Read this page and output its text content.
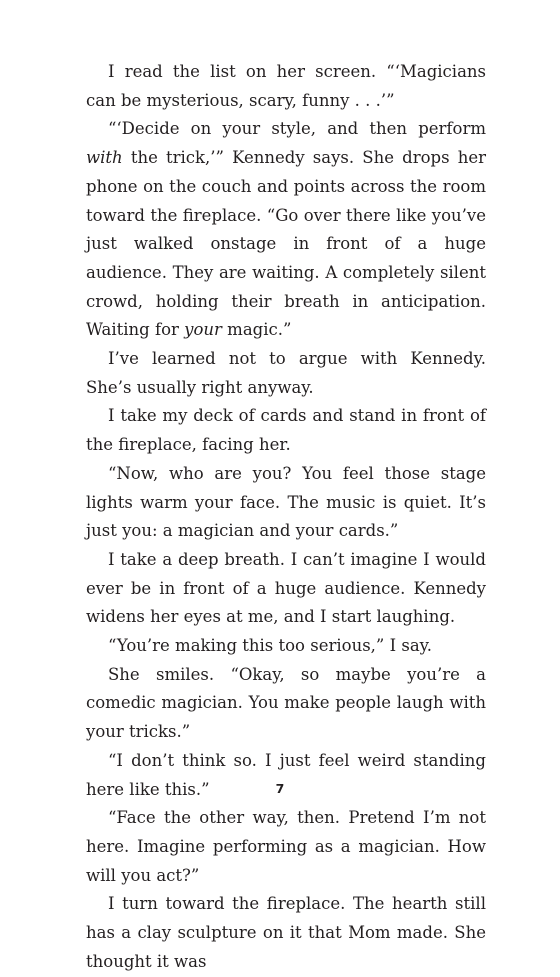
I read the list on her screen. “‘Magicians can be mysterious, scary, funny . . .’”

“‘Decide on your style, and then perform with the trick,’” Kennedy says. She drops her phone on the couch and points across the room toward the fireplace. “Go over there like you’ve just walked onstage in front of a huge audience. They are waiting. A completely silent crowd, holding their breath in anticipation. Waiting for your magic.”

I’ve learned not to argue with Kennedy. She’s usually right anyway.

I take my deck of cards and stand in front of the fireplace, facing her.

“Now, who are you? You feel those stage lights warm your face. The music is quiet. It’s just you: a magician and your cards.”

I take a deep breath. I can’t imagine I would ever be in front of a huge audience. Kennedy widens her eyes at me, and I start laughing.

“You’re making this too serious,” I say.

She smiles. “Okay, so maybe you’re a comedic magician. You make people laugh with your tricks.”

“I don’t think so. I just feel weird standing here like this.”

“Face the other way, then. Pretend I’m not here. Imagine performing as a magician. How will you act?”

I turn toward the fireplace. The hearth still has a clay sculpture on it that Mom made. She thought it was

7
